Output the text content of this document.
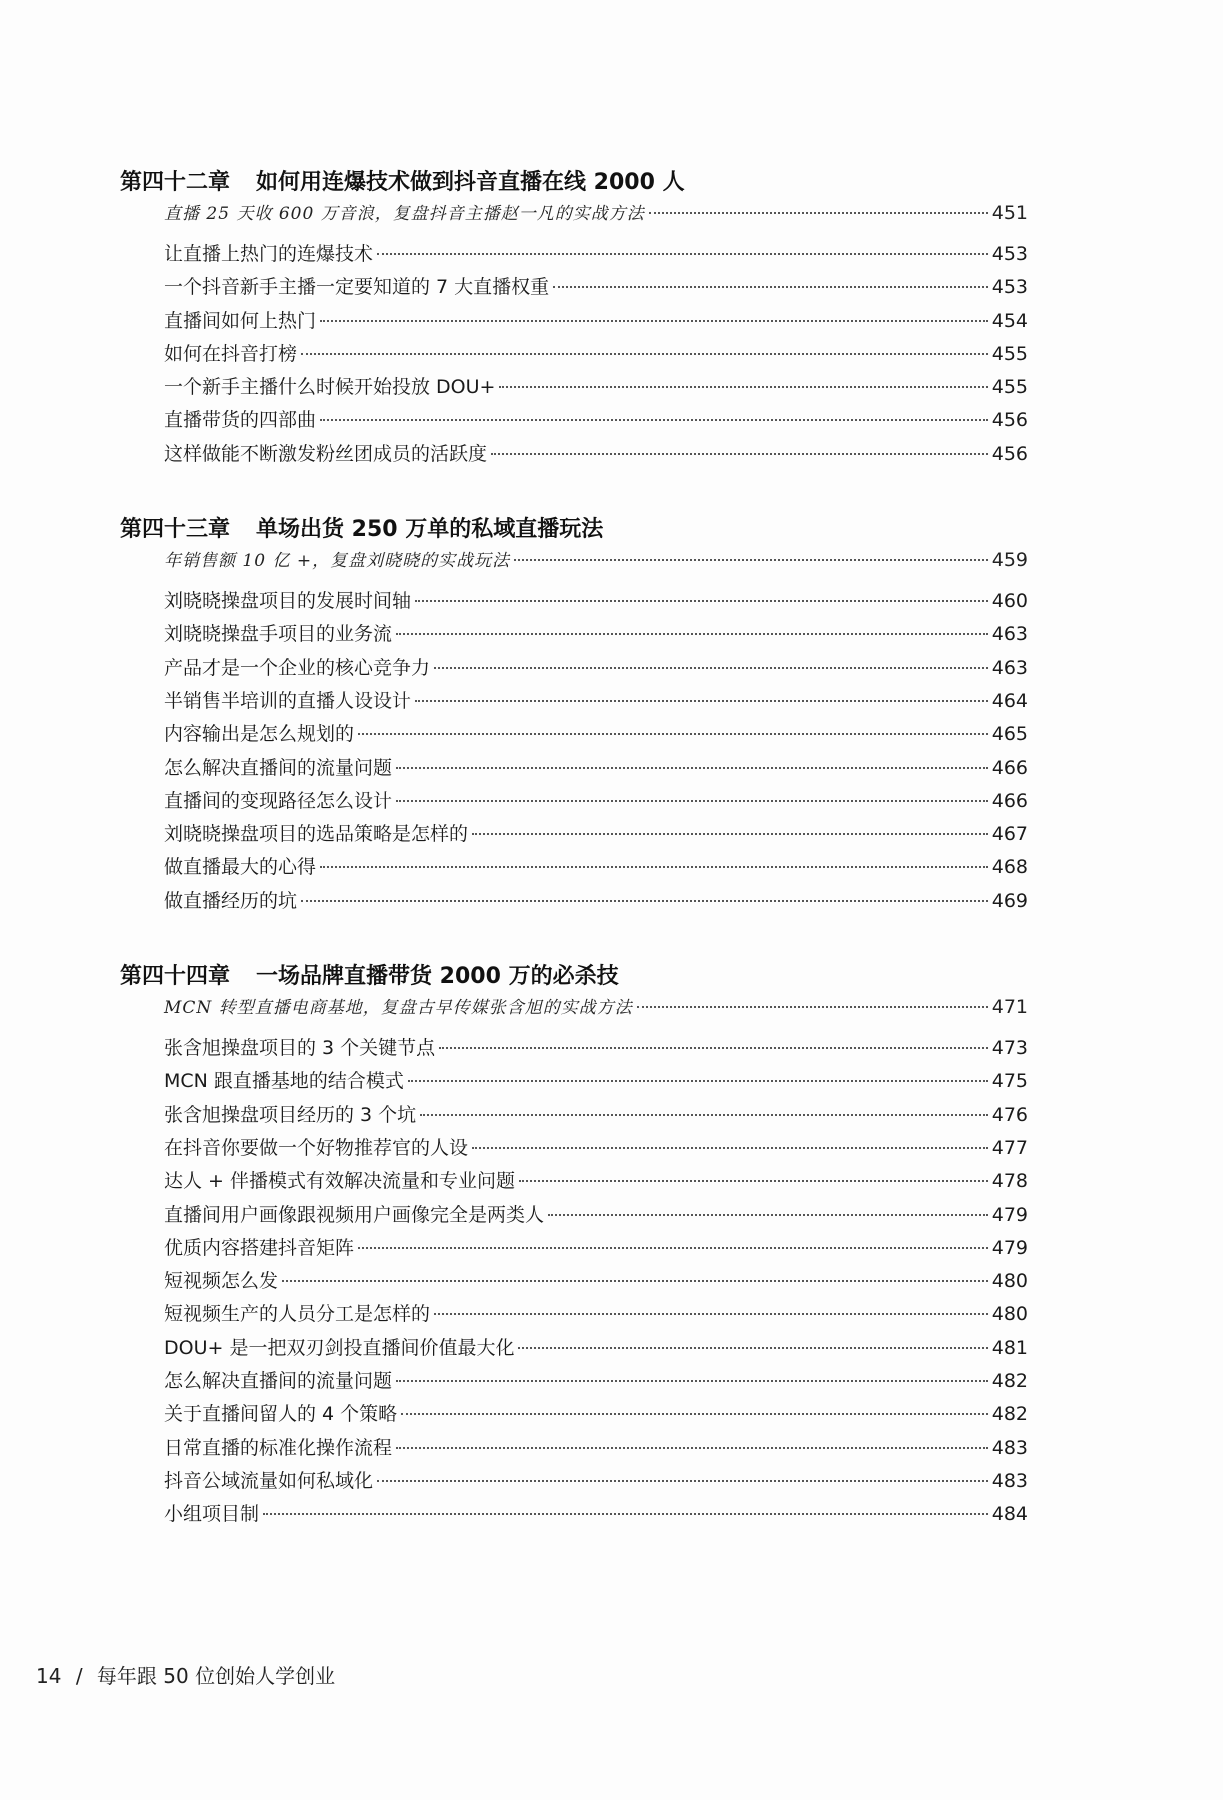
第四十二章 如何用连爆技术做到抖音直播在线 2000 人
直播 25 天收 600 万音浪，复盘抖音主播赵一凡的实战方法	451
让直播上热门的连爆技术	453
一个抖音新手主播一定要知道的 7 大直播权重	453
直播间如何上热门	454
如何在抖音打榜	455
一个新手主播什么时候开始投放 DOU+	455
直播带货的四部曲	456
这样做能不断激发粉丝团成员的活跃度	456
第四十三章 单场出货 250 万单的私域直播玩法
年销售额 10 亿 +，复盘刘晓晓的实战玩法	459
刘晓晓操盘项目的发展时间轴	460
刘晓晓操盘手项目的业务流	463
产品才是一个企业的核心竞争力	463
半销售半培训的直播人设设计	464
内容输出是怎么规划的	465
怎么解决直播间的流量问题	466
直播间的变现路径怎么设计	466
刘晓晓操盘项目的选品策略是怎样的	467
做直播最大的心得	468
做直播经历的坑	469
第四十四章 一场品牌直播带货 2000 万的必杀技
MCN 转型直播电商基地，复盘古早传媒张含旭的实战方法	471
张含旭操盘项目的 3 个关键节点	473
MCN 跟直播基地的结合模式	475
张含旭操盘项目经历的 3 个坑	476
在抖音你要做一个好物推荐官的人设	477
达人 + 伴播模式有效解决流量和专业问题	478
直播间用户画像跟视频用户画像完全是两类人	479
优质内容搭建抖音矩阵	479
短视频怎么发	480
短视频生产的人员分工是怎样的	480
DOU+ 是一把双刃剑投直播间价值最大化	481
怎么解决直播间的流量问题	482
关于直播间留人的 4 个策略	482
日常直播的标准化操作流程	483
抖音公域流量如何私域化	483
小组项目制	484
14 / 每年跟 50 位创始人学创业
